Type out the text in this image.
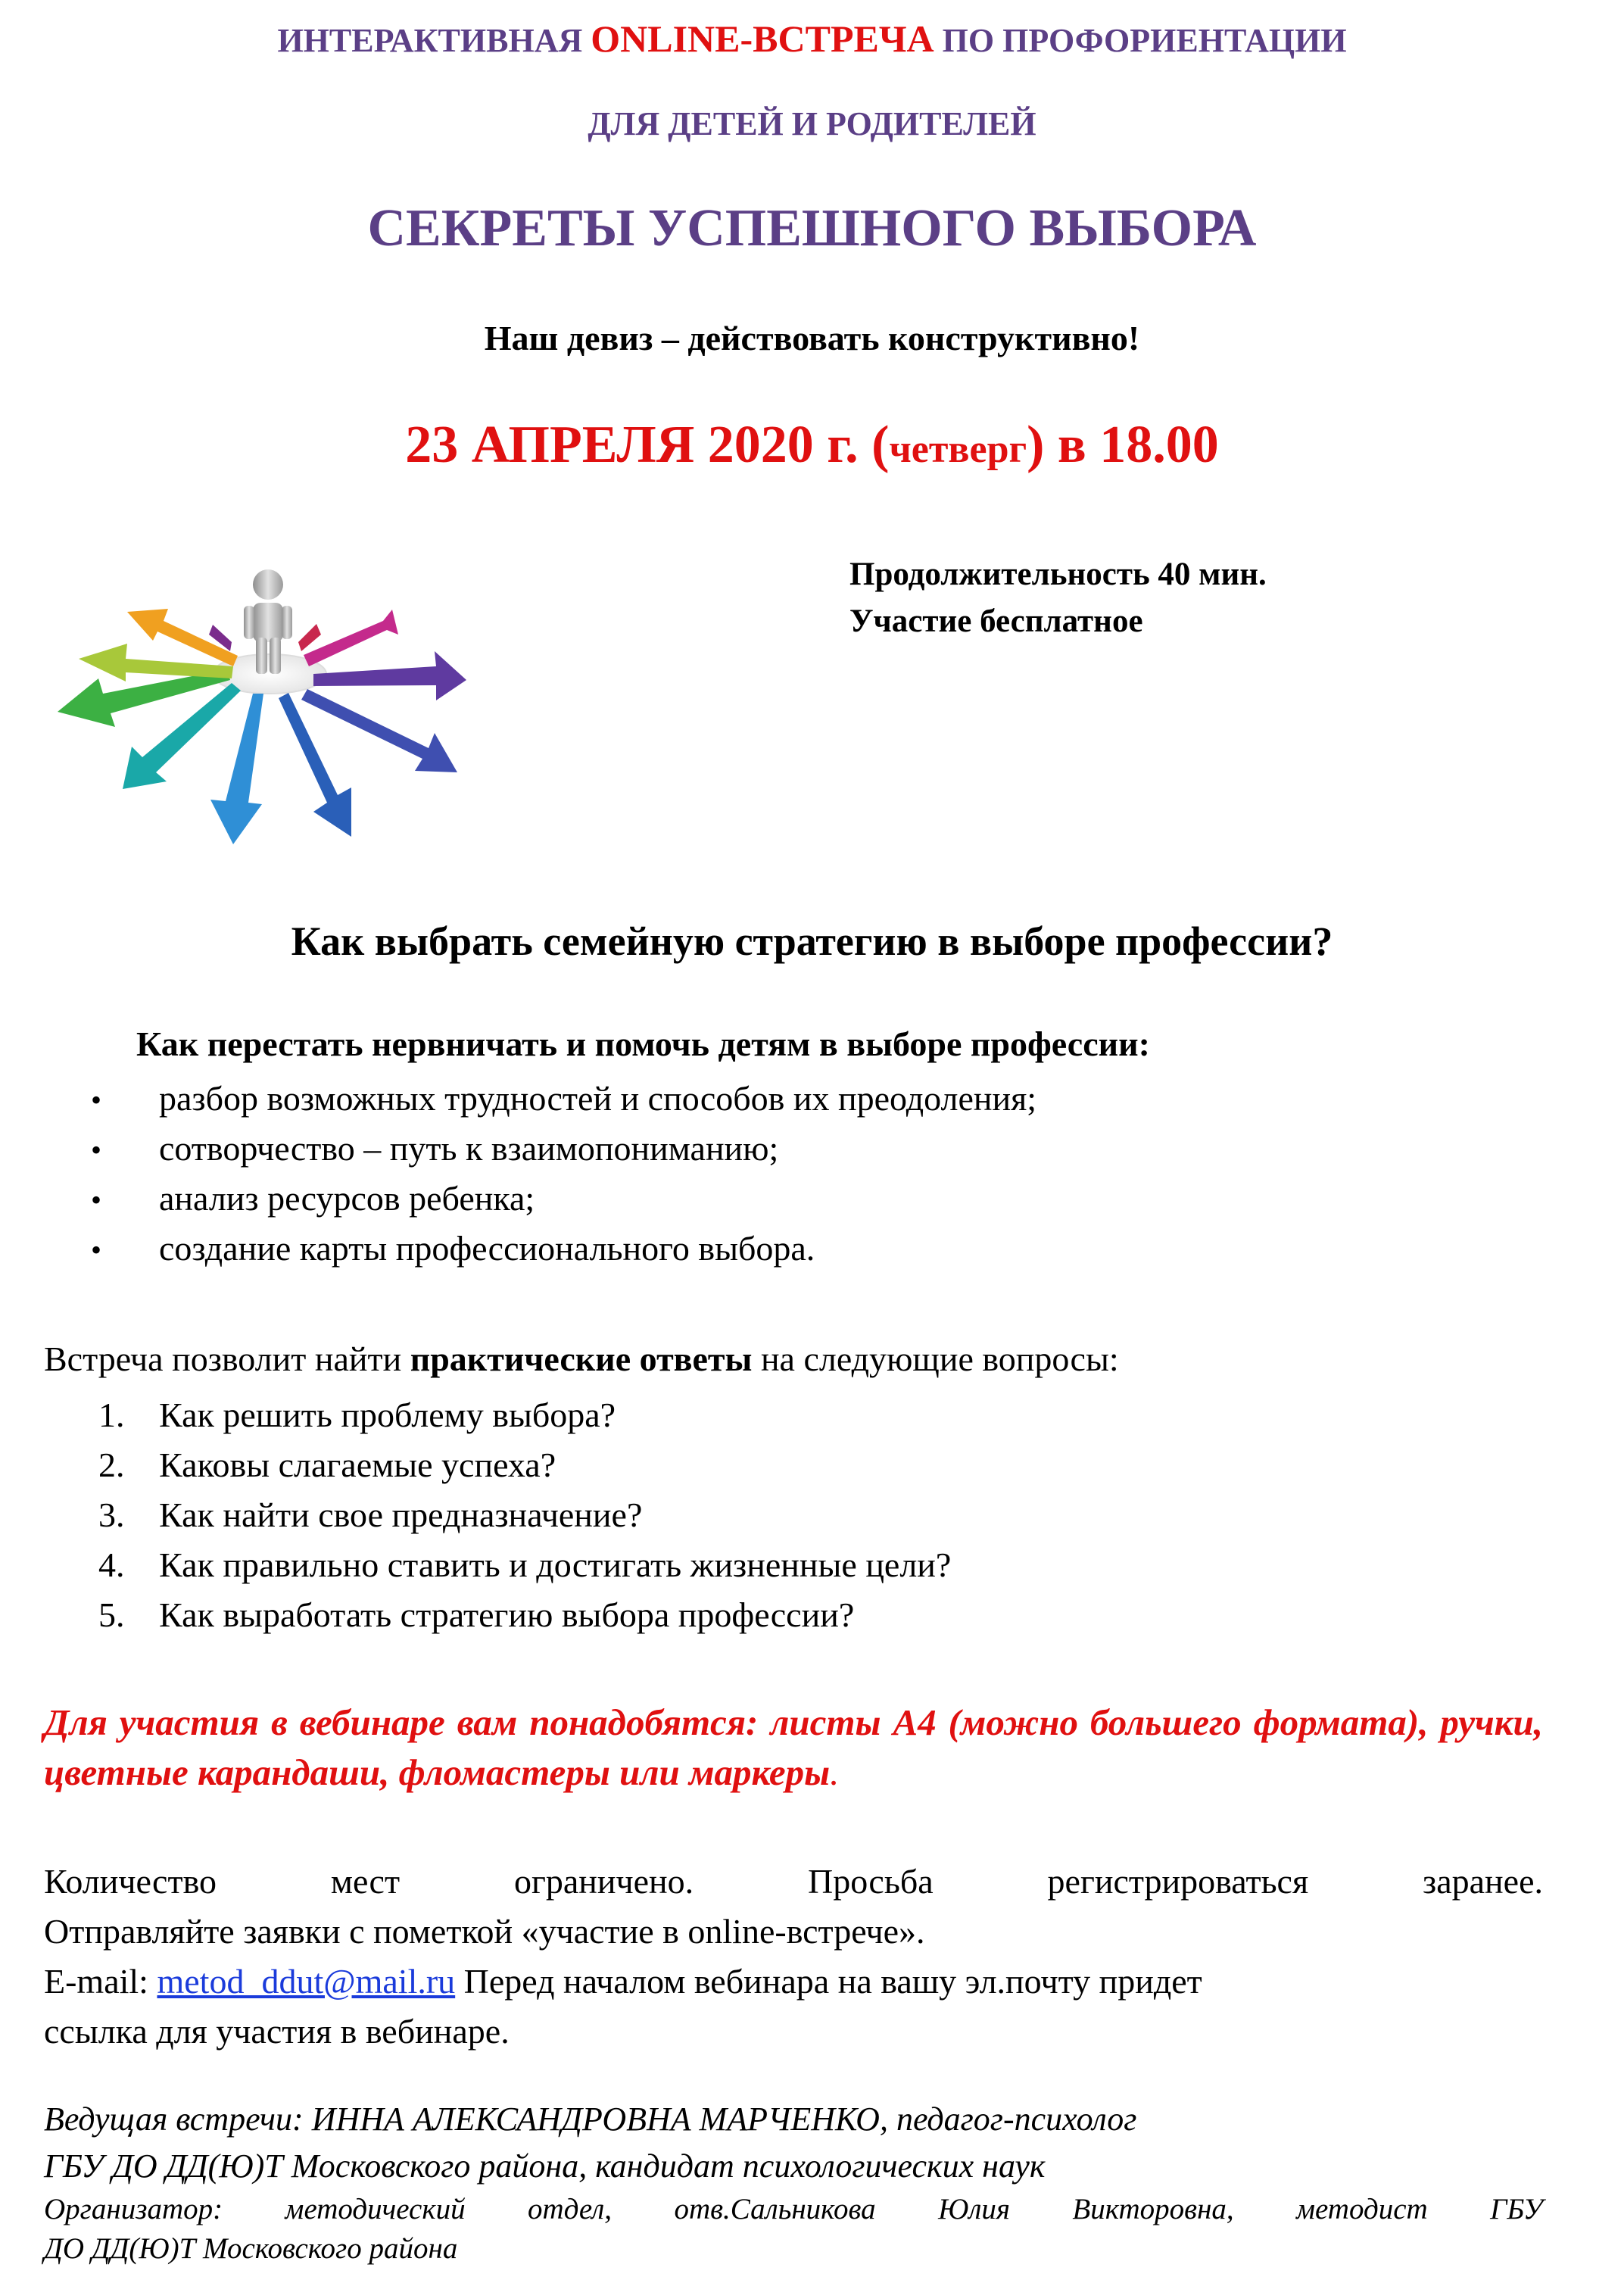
ИНТЕРАКТИВНАЯ ONLINE-ВСТРЕЧА ПО ПРОФОРИЕНТАЦИИ
ДЛЯ ДЕТЕЙ И РОДИТЕЛЕЙ
СЕКРЕТЫ УСПЕШНОГО ВЫБОРА
Наш девиз – действовать конструктивно!
23 АПРЕЛЯ 2020 г. (четверг) в 18.00
Продолжительность 40 мин.
Участие бесплатное
Как выбрать семейную стратегию в выборе профессии?
Как перестать нервничать и помочь детям в выборе профессии:
• разбор возможных трудностей и способов их преодоления;
• сотворчество – путь к взаимопониманию;
• анализ ресурсов ребенка;
• создание карты профессионального выбора.
Встреча позволит найти практические ответы на следующие вопросы:
1. Как решить проблему выбора?
2. Каковы слагаемые успеха?
3. Как найти свое предназначение?
4. Как правильно ставить и достигать жизненные цели?
5. Как выработать стратегию выбора профессии?
Для участия в вебинаре вам понадобятся: листы А4 (можно большего формата), ручки, цветные карандаши, фломастеры или маркеры.
Количество мест ограничено. Просьба регистрироваться заранее.
Отправляйте заявки с пометкой «участие в online-встрече».
E-mail: metod_ddut@mail.ru Перед началом вебинара на вашу эл.почту придет
ссылка для участия в вебинаре.
Ведущая встречи: ИННА АЛЕКСАНДРОВНА МАРЧЕНКО, педагог-психолог
ГБУ ДО ДД(Ю)Т Московского района, кандидат психологических наук
Организатор: методический отдел, отв.Сальникова Юлия Викторовна, методист ГБУ
ДО ДД(Ю)Т Московского района
